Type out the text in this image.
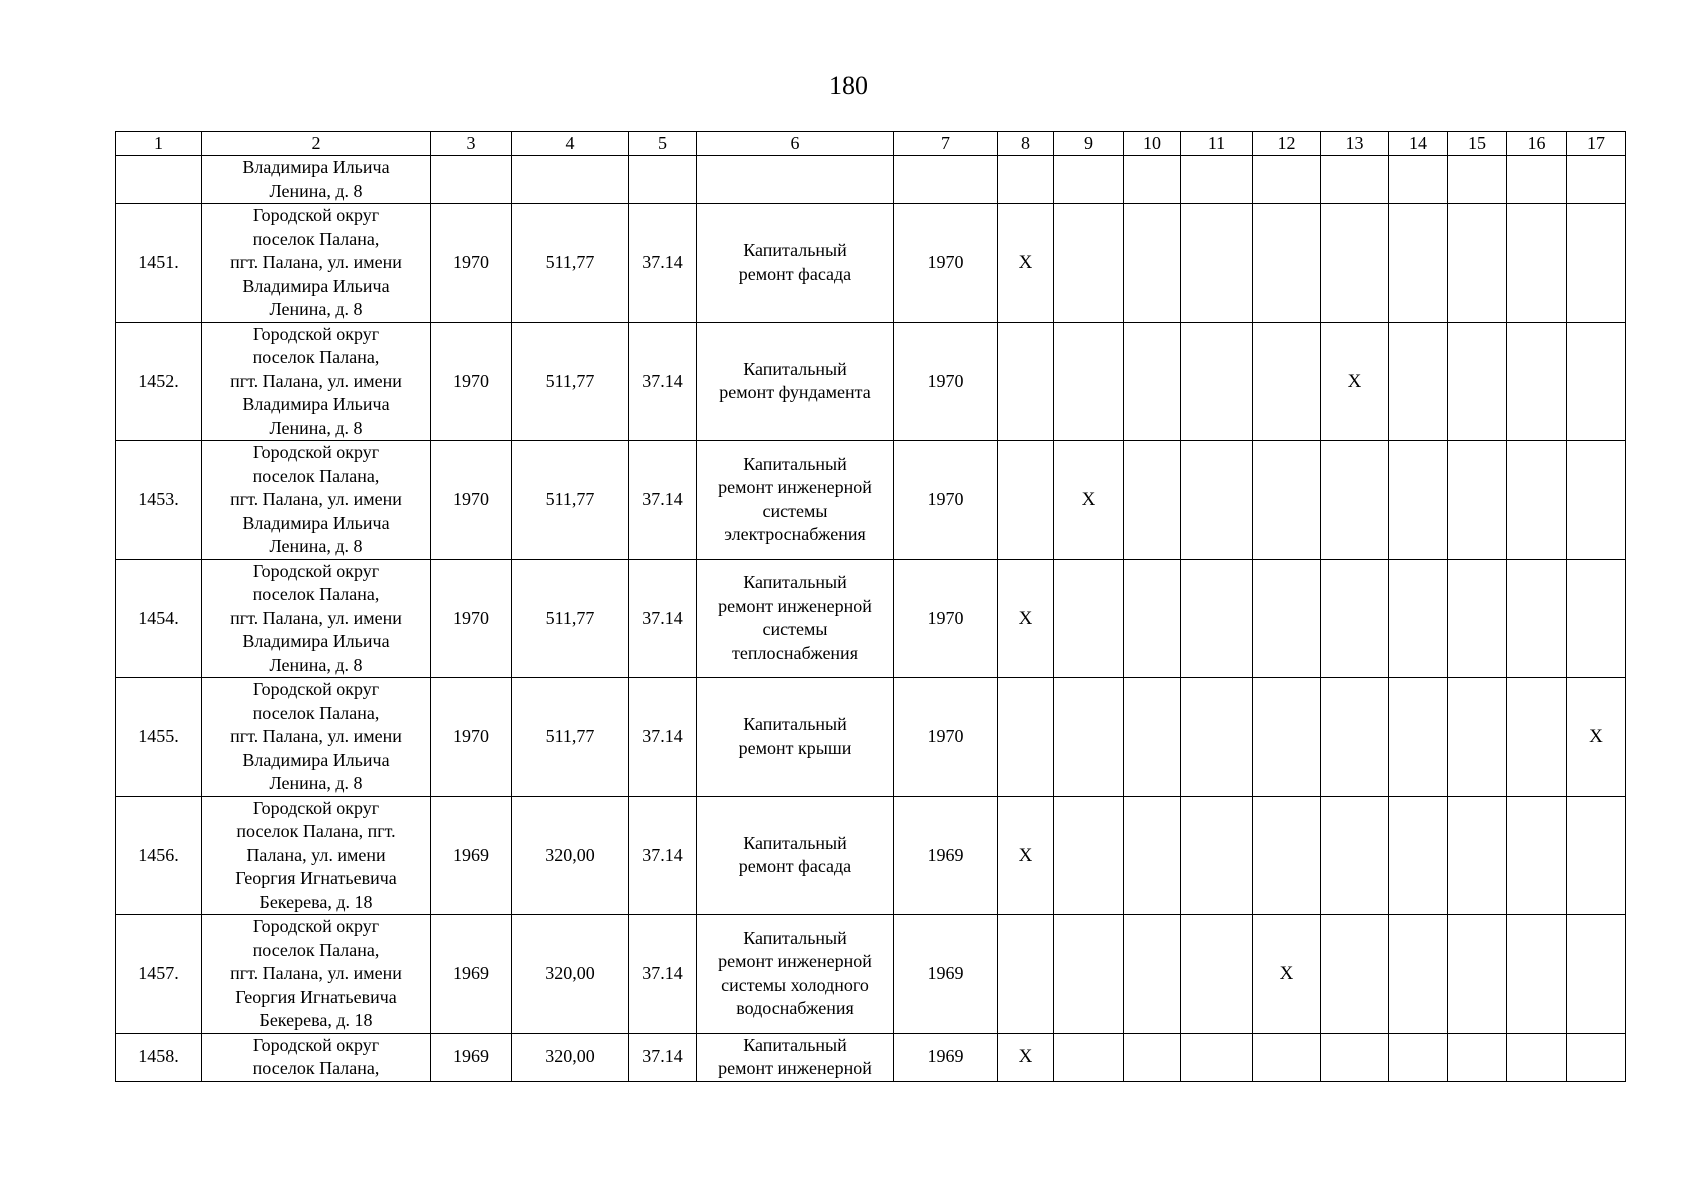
180
1	2	3	4	5	6	7	8	9	10	11	12	13	14	15	16	17

	Владимира Ильича
Ленина, д. 8															

1451.	Городской округ
поселок Палана,
пгт. Палана, ул. имени
Владимира Ильича
Ленина, д. 8	1970	511,77	37.14	Капитальный
ремонт фасада	1970	X									
1452.	Городской округ
поселок Палана,
пгт. Палана, ул. имени
Владимира Ильича
Ленина, д. 8	1970	511,77	37.14	Капитальный
ремонт фундамента	1970						X				
1453.	Городской округ
поселок Палана,
пгт. Палана, ул. имени
Владимира Ильича
Ленина, д. 8	1970	511,77	37.14	Капитальный
ремонт инженерной
системы
электроснабжения	1970		X								
1454.	Городской округ
поселок Палана,
пгт. Палана, ул. имени
Владимира Ильича
Ленина, д. 8	1970	511,77	37.14	Капитальный
ремонт инженерной
системы
теплоснабжения	1970	X									
1455.	Городской округ
поселок Палана,
пгт. Палана, ул. имени
Владимира Ильича
Ленина, д. 8	1970	511,77	37.14	Капитальный
ремонт крыши	1970										X
1456.	Городской округ
поселок Палана, пгт.
Палана, ул. имени
Георгия Игнатьевича
Бекерева, д. 18	1969	320,00	37.14	Капитальный
ремонт фасада	1969	X									
1457.	Городской округ
поселок Палана,
пгт. Палана, ул. имени
Георгия Игнатьевича
Бекерева, д. 18	1969	320,00	37.14	Капитальный
ремонт инженерной
системы холодного
водоснабжения	1969					X					
1458.	Городской округ
поселок Палана,	1969	320,00	37.14	Капитальный
ремонт инженерной	1969	X									
